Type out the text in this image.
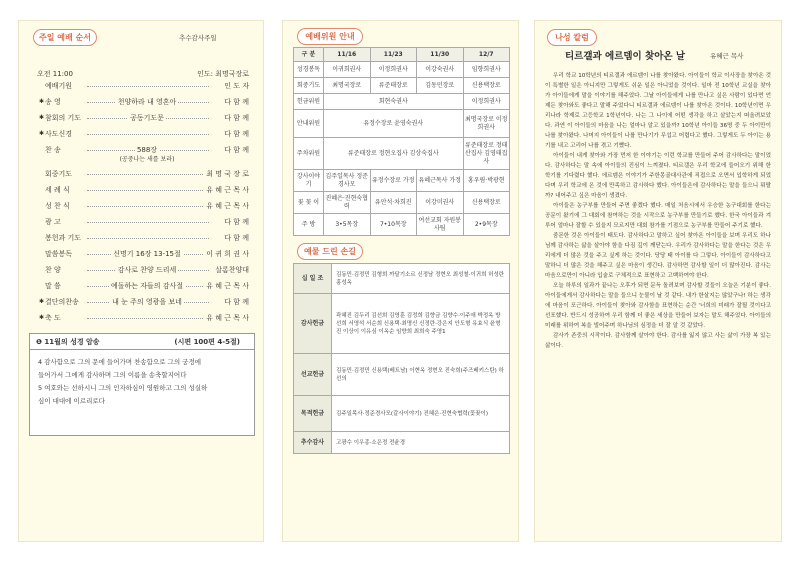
주일 예배 순서	추수감사주일
오전 11:00	인도: 최명국장로
예배기원	인 도 자
✱ 송 영	천양하라 내 영혼아	다 함 께
✱ 참회의 기도	공동기도문	다 함 께
✱ 사도신경	다 함 께
찬 송	588장	다 함 께
(공중나는 새를 보라)
회중기도	최 명 국 장 로
세 례 식	유 혜 근 목 사
성 찬 식	유 혜 근 목 사
광 고	다 함 께
봉헌과 기도	다 함 께
말씀봉독	신명기 16장 13-15절	이 귀 희 권 사
찬 양	감사로 찬양 드리세	살롬찬양대
말 씀	예돌하는 자들의 감사절	유 혜 근 목 사
✱ 결단의찬송	내 눈 주의 영광을 보네	다 함 께
✱ 축 도	유 혜 근 목 사
❶ 11월의 성경 암송	(시편 100편 4-5절)
4 감사함으로 그의 문에 들어가며 찬송함으로 그의 궁정에
들어가서 그에게 감사하며 그의 이름을 송축할지어다
5 여호와는 선하시니 그의 인자하심이 영원하고 그의 성실하
심이 대대에 이르리로다
예배위원 안내
구 분	11/16	11/23	11/30	12/7
성경봉독	이귀희권사	이정희권사	이강숙권사	임향희권사
회중기도	최명국장로	류준태장로	김동민장로	신용택장로
헌금위원	회현숙권사			이정희권사
안내위원	유정수장로 윤영숙권사			최명국장로 이정희권사
주차위원	류준태장로 정현오집사 김상숙집사			류준태장로 정태산집사 김영태집사
강사이야기	김주일목사 정준경사모	유정수장로 가정	유혜근목사 가정	홍우림·박광현
꽃 꽂 이	진혜은·진현숙협력	유안석·차희진	이강미권사	신용택장로
주 방	3•5목장	7•10목장	여선교회 자원봉사팀	2•9목장
예물 드린 손길
십 일 조	김동민·김정민 김형희 까달기소르 신정남 정현오 최성철·이귀희 허성란 홍성옥
감사헌금	곽혜진 김두리 김선희 김영훈 김정희 김향금 김향수·이주애 박정옥 방선희 서영석 서순희 신용택·최명신 신정란·강은지 안도형 유효식 윤형진 이상이 이유심 이옥순 임향희 최희숙 주영1
선교헌금	김동민·김정민 신용택(베트남) 이현옥 정현오 진숙희(주즈베키스탄) 하선의
목적헌금	김주일목사·정준경사모(갈사이야기) 진혜은·진현숙협력(꽃꽂이)
추수감사	고광수 이우종·소은정 전윤경
나성 칼럼
티르갤과 에르뎀이 찾아온 날	유혜근 목사

우리 학교 10학년의 티르갤과 에르뎀이 나를 찾아왔다. 아이들이 학교 이사장을 찾아온 것이 특별한 일은 아니지만 그렇게도 쉬운 일은 아니었을 것이다. 일마 전 10학년 교실을 찾아가 아이들에게 말을 이야기를 해주었다. 그날 아이들에게 나를 만나고 싶은 사람이 있다면 언제든 찾아와도 좋다고 말해 주었다니 티르갤과 에르뎀이 나를 찾아온 것이다. 10학년이면 우리나라 학제로 고등학교 1학년이다. 나는 그 나이에 어떤 생각을 하고 살았는지 떠올려보았다. 과연 이 아이들의 마음을 나는 얼마나 알고 있을까? 10학년 아이들 36명 중 두 아이만이 나를 찾아왔다. 나머지 아이들이 나를 만나기가 무섭고 어렵다고 했다. 그렇게도 두 아이는 용기를 내고 고리어 나를 겪고 기뻤다.

아이들이 내게 찾아와 가장 먼저 한 이야기는 이런 학교를 만들어 주어 감사하다는 말이었다. 감사하다는 말 속에 아이들의 진심이 느껴졌다. 티르갤은 우리 학교에 들어오기 위해 한 학기를 기다렸다 했다. 에르뎀은 이야기가 주한몽골대사관에 직접으로 오면서 입학하게 되었다며 우리 학교에 온 것에 만족하고 감사하다 했다. 아이들은에 감사하다는 말을 들으니 뭐랄까? 내어주고 싶은 마음이 생겼다.

아이들은 농구부를 만들어 주면 좋겠다 했다. 매일 처음시에서 우승한 농구대회를 한다는 공문이 왔기에 그 대회에 참여하는 것을 시작으로 농구부를 만들기로 했다. 한국 아이들과 겨루어 얼마나 잘할 수 있을지 모르지만 대회 참가를 기점으로 농구부를 만들어 주기로 했다.

줌몬한 것은 아이들이 태도다. 감사하다고 말하고 싶어 찾아온 아이들을 보며 우리도 하나님께 감사하는 삶을 살아야 함을 다짐 깊이 깨닫는다. 우리가 감사하다는 말을 한다는 것은 우리에게 더 많은 것을 주고 싶게 하는 것이다. 당당 태 아이를 다 그렇다. 아이들이 감사하다고 말하니 더 많은 것을 해주고 싶은 마음이 생긴다. 감사하면 감사할 일이 더 많아진다. 감사는 마음으로만이 아니라 입술로 구체적으로 표현하고 고백하여야 한다.

오늘 하루의 일과가 끝나는 오후가 되면 문득 돌려보며 감사할 것들이 오늘은 기분이 좋다. 아이들에게서 감사하다는 말을 들으니 눈물이 날 것 같다. 내가 한살지는 않았구나! 하는 생각에 마음이 포근하다. 아이들이 찾아와 감사함을 표현하는 순간 '너희의 미래가 잘될 것이다고 선포했다. 반드시 성공하여 우리 함께 더 좋은 세상을 만들어 보자는 말도 해주었다. 아이들의 미래를 위하여 복을 빌어주며 하나님의 심정을 더 잘 알 것 같았다.

감사가 존중의 시작이다. 감사함께 살아야 한다. 감사를 잃지 않고 사는 삶이 가장 복 있는 삶이다.
